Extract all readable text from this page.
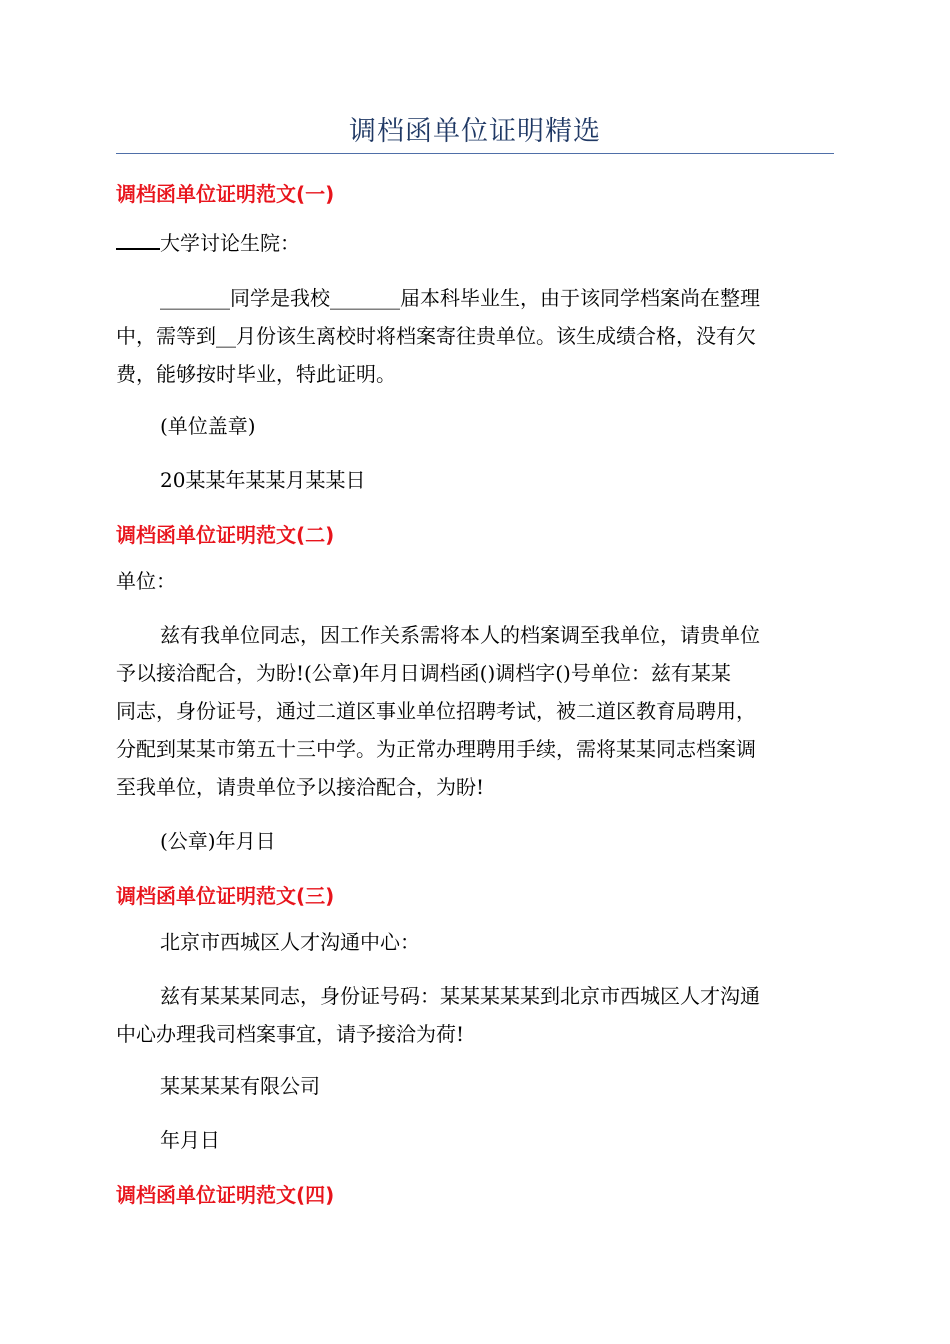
调档函单位证明精选
调档函单位证明范文(一)
大学讨论生院：
_______同学是我校_______届本科毕业生，由于该同学档案尚在整理
中，需等到__月份该生离校时将档案寄往贵单位。该生成绩合格，没有欠
费，能够按时毕业，特此证明。
(单位盖章)
20某某年某某月某某日
调档函单位证明范文(二)
单位：
兹有我单位同志，因工作关系需将本人的档案调至我单位，请贵单位
予以接洽配合，为盼!(公章)年月日调档函()调档字()号单位：兹有某某
同志，身份证号，通过二道区事业单位招聘考试，被二道区教育局聘用，
分配到某某市第五十三中学。为正常办理聘用手续，需将某某同志档案调
至我单位，请贵单位予以接洽配合，为盼!
(公章)年月日
调档函单位证明范文(三)
北京市西城区人才沟通中心：
兹有某某某同志，身份证号码：某某某某某到北京市西城区人才沟通
中心办理我司档案事宜，请予接洽为荷!
某某某某有限公司
年月日
调档函单位证明范文(四)
